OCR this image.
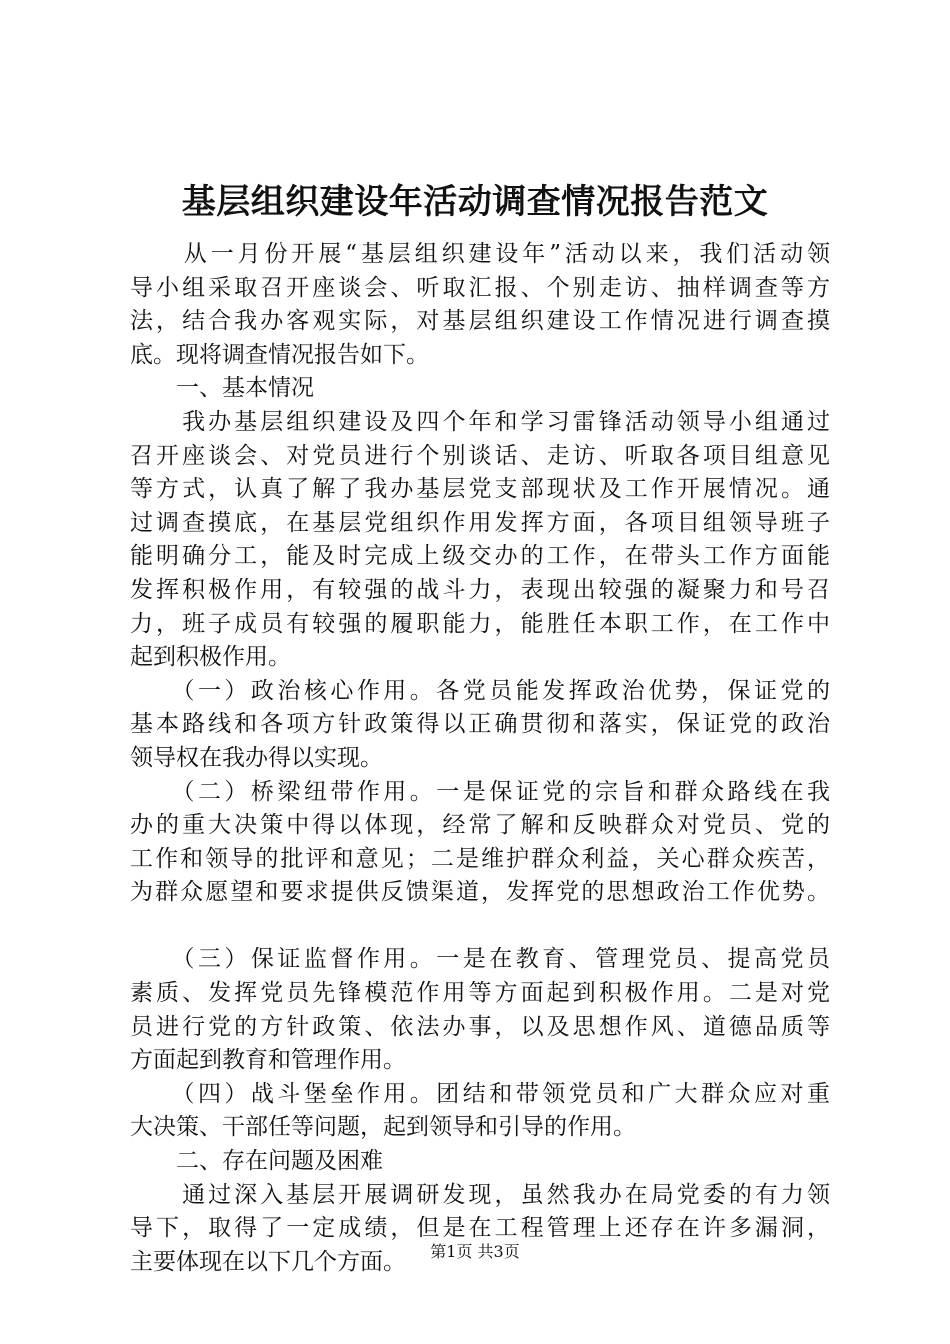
基层组织建设年活动调查情况报告范文
　　从一月份开展“基层组织建设年”活动以来，我们活动领
导小组采取召开座谈会、听取汇报、个别走访、抽样调查等方
法，结合我办客观实际，对基层组织建设工作情况进行调查摸
底。现将调查情况报告如下。
　　一、基本情况
　　我办基层组织建设及四个年和学习雷锋活动领导小组通过
召开座谈会、对党员进行个别谈话、走访、听取各项目组意见
等方式，认真了解了我办基层党支部现状及工作开展情况。通
过调查摸底，在基层党组织作用发挥方面，各项目组领导班子
能明确分工，能及时完成上级交办的工作，在带头工作方面能
发挥积极作用，有较强的战斗力，表现出较强的凝聚力和号召
力，班子成员有较强的履职能力，能胜任本职工作，在工作中
起到积极作用。
　　（一）政治核心作用。各党员能发挥政治优势，保证党的
基本路线和各项方针政策得以正确贯彻和落实，保证党的政治
领导权在我办得以实现。
　　（二）桥梁纽带作用。一是保证党的宗旨和群众路线在我
办的重大决策中得以体现，经常了解和反映群众对党员、党的
工作和领导的批评和意见；二是维护群众利益，关心群众疾苦，
为群众愿望和要求提供反馈渠道，发挥党的思想政治工作优势。
　　（三）保证监督作用。一是在教育、管理党员、提高党员
素质、发挥党员先锋模范作用等方面起到积极作用。二是对党
员进行党的方针政策、依法办事，以及思想作风、道德品质等
方面起到教育和管理作用。
　　（四）战斗堡垒作用。团结和带领党员和广大群众应对重
大决策、干部任等问题，起到领导和引导的作用。
　　二、存在问题及困难
　　通过深入基层开展调研发现，虽然我办在局党委的有力领
导下，取得了一定成绩，但是在工程管理上还存在许多漏洞，
主要体现在以下几个方面。	第1页 共3页
